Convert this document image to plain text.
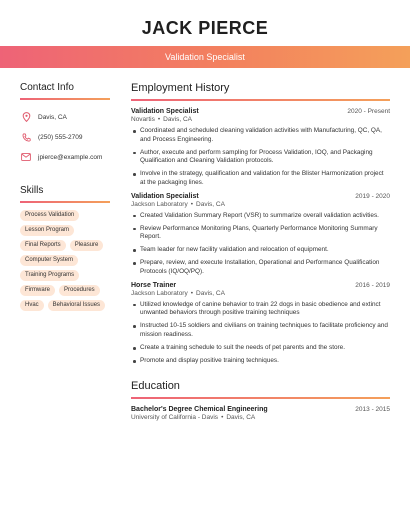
JACK PIERCE
Validation Specialist
Contact Info
Davis, CA
(250) 555-2709
jpierce@example.com
Skills
Process Validation
Lesson Program
Final Reports	Pleasure
Computer System
Training Programs
Firmware	Procedures
Hvac	Behavioral Issues
Employment History
Validation Specialist	2020 - Present
Novartis • Davis, CA
Coordinated and scheduled cleaning validation activities with Manufacturing, QC, QA, and Process Engineering.
Author, execute and perform sampling for Process Validation, IOQ, and Packaging Qualification and Cleaning Validation protocols.
Involve in the strategy, qualification and validation for the Blister Harmonization project at the packaging lines.
Validation Specialist	2019 - 2020
Jackson Laboratory • Davis, CA
Created Validation Summary Report (VSR) to summarize overall validation activities.
Review Performance Monitoring Plans, Quarterly Performance Monitoring Summary Report.
Team leader for new facility validation and relocation of equipment.
Prepare, review, and execute Installation, Operational and Performance Qualification Protocols (IQ/OQ/PQ).
Horse Trainer	2016 - 2019
Jackson Laboratory • Davis, CA
Utilized knowledge of canine behavior to train 22 dogs in basic obedience and extinct unwanted behaviors through positive training techniques
Instructed 10-15 soldiers and civilians on training techniques to facilitate proficiency and mission readiness.
Create a training schedule to suit the needs of pet parents and the store.
Promote and display positive training techniques.
Education
Bachelor's Degree Chemical Engineering	2013 - 2015
University of California - Davis • Davis, CA
